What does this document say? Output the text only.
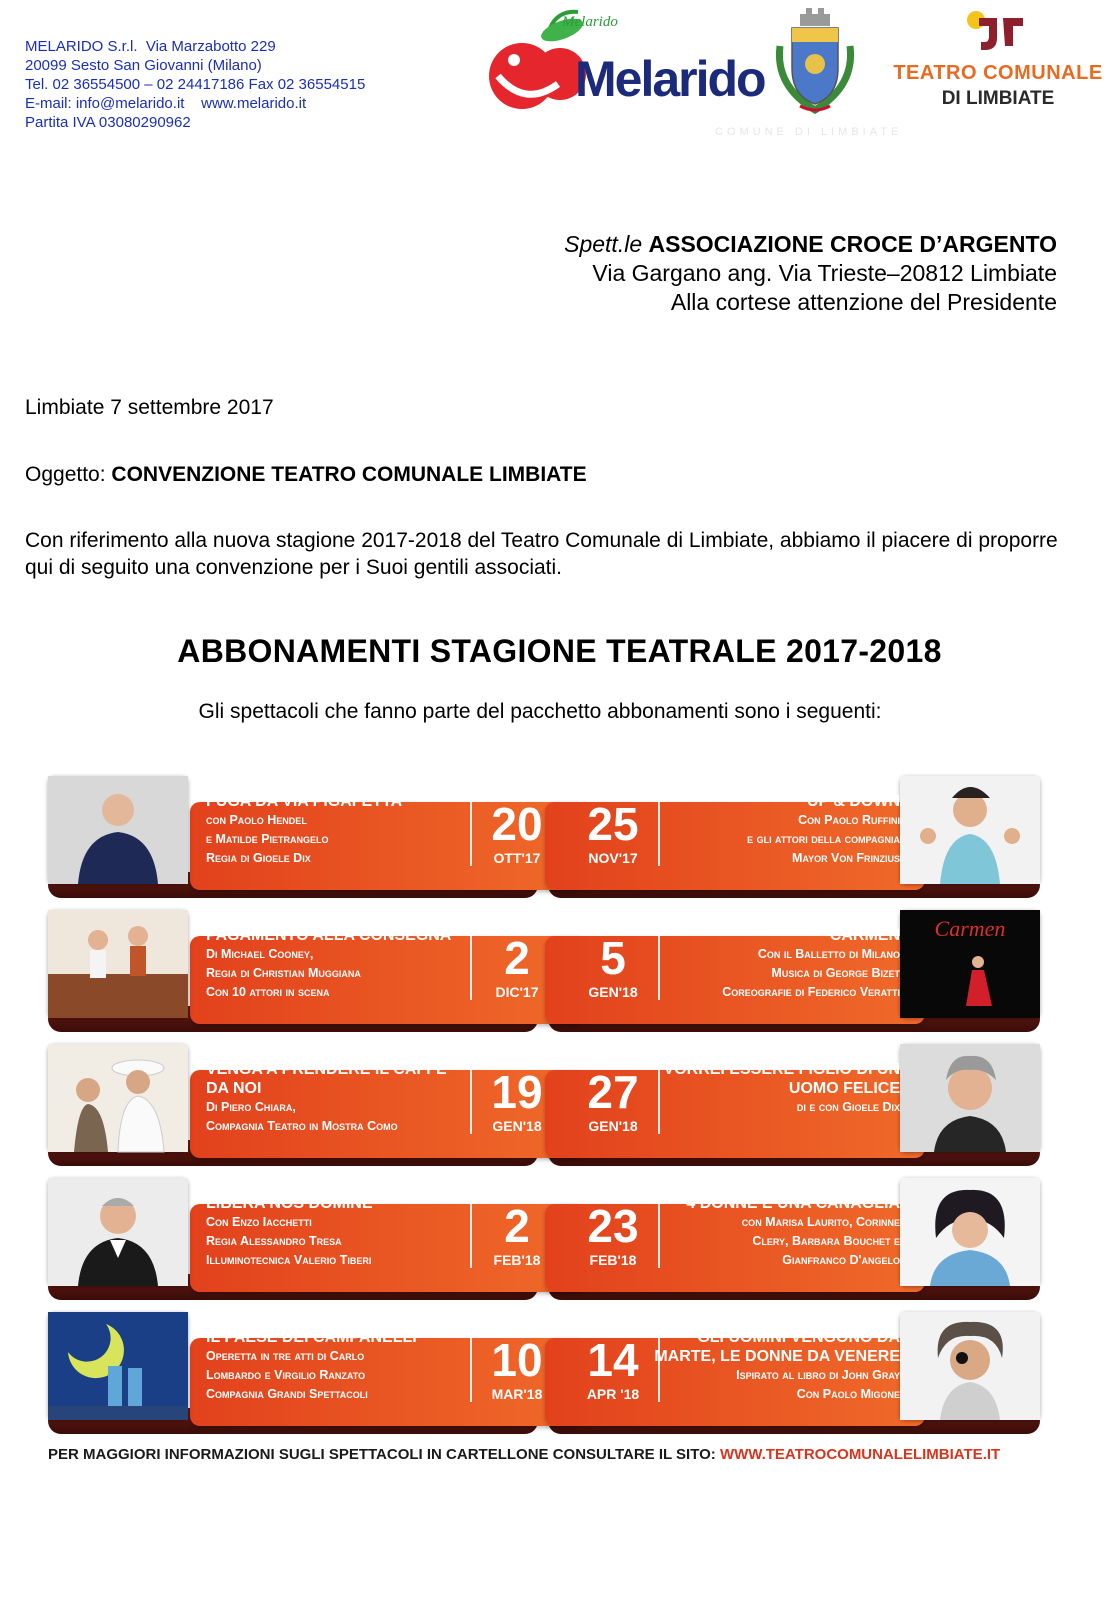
MELARIDO S.r.l.  Via Marzabotto 229
20099 Sesto San Giovanni (Milano)
Tel. 02 36554500 – 02 24417186 Fax 02 36554515
E-mail: info@melarido.it    www.melarido.it
Partita IVA 03080290962
Melarido
Melarido
COMUNE DI LIMBIATE
TEATRO COMUNALE
DI LIMBIATE
Spett.le ASSOCIAZIONE CROCE D’ARGENTO
Via Gargano ang. Via Trieste–20812 Limbiate
Alla cortese attenzione del Presidente
Limbiate 7 settembre 2017
Oggetto: CONVENZIONE TEATRO COMUNALE LIMBIATE
Con riferimento alla nuova stagione 2017-2018 del Teatro Comunale di Limbiate, abbiamo il piacere di proporre qui di seguito una convenzione per i Suoi gentili associati.
ABBONAMENTI STAGIONE TEATRALE 2017-2018
Gli spettacoli che fanno parte del pacchetto abbonamenti sono i seguenti:
FUGA DA VIA PIGAFETTA
con Paolo Hendel
e Matilde Pietrangelo
Regia di Gioele Dix
VENERDI
20
OTT'17
SABATO
25
NOV'17
UP & DOWN
Con Paolo Ruffini
e gli attori della compagnia
Mayor Von Frinzius
Carmen
PAGAMENTO ALLA CONSEGNA
Di Michael Cooney,
Regia di Christian Muggiana
Con 10 attori in scena
SABATO
2
DIC'17
VENERDI
5
GEN'18
CARMEN
Con il Balletto di Milano
Musica di George Bizet
Coreografie di Federico Veratti
VENGA A PRENDERE IL CAFFÈ DA NOI
Di Piero Chiara,
Compagnia Teatro in Mostra Como
VENERDI
19
GEN'18
SABATO
27
GEN'18
VORREI ESSERE FIGLIO DI UN UOMO FELICE
di e con Gioele Dix
LIBERA NOS DOMINE
Con Enzo Iacchetti
Regia Alessandro Tresa
Illuminotecnica Valerio Tiberi
VENERDI
2
FEB'18
VENERDI
23
FEB'18
4 DONNE E UNA CANAGLIA
con Marisa Laurito, Corinne
Clery, Barbara Bouchet e
Gianfranco D'angelo
IL PAESE DEI CAMPANELLI
Operetta in tre atti di Carlo
Lombardo e Virgilio Ranzato
Compagnia Grandi Spettacoli
SABATO
10
MAR'18
SABATO
14
APR '18
GLI UOMINI VENGONO DA MARTE, LE DONNE DA VENERE
Ispirato al libro di John Gray
Con Paolo Migone
PER MAGGIORI INFORMAZIONI SUGLI SPETTACOLI IN CARTELLONE CONSULTARE IL SITO: WWW.TEATROCOMUNALELIMBIATE.IT
